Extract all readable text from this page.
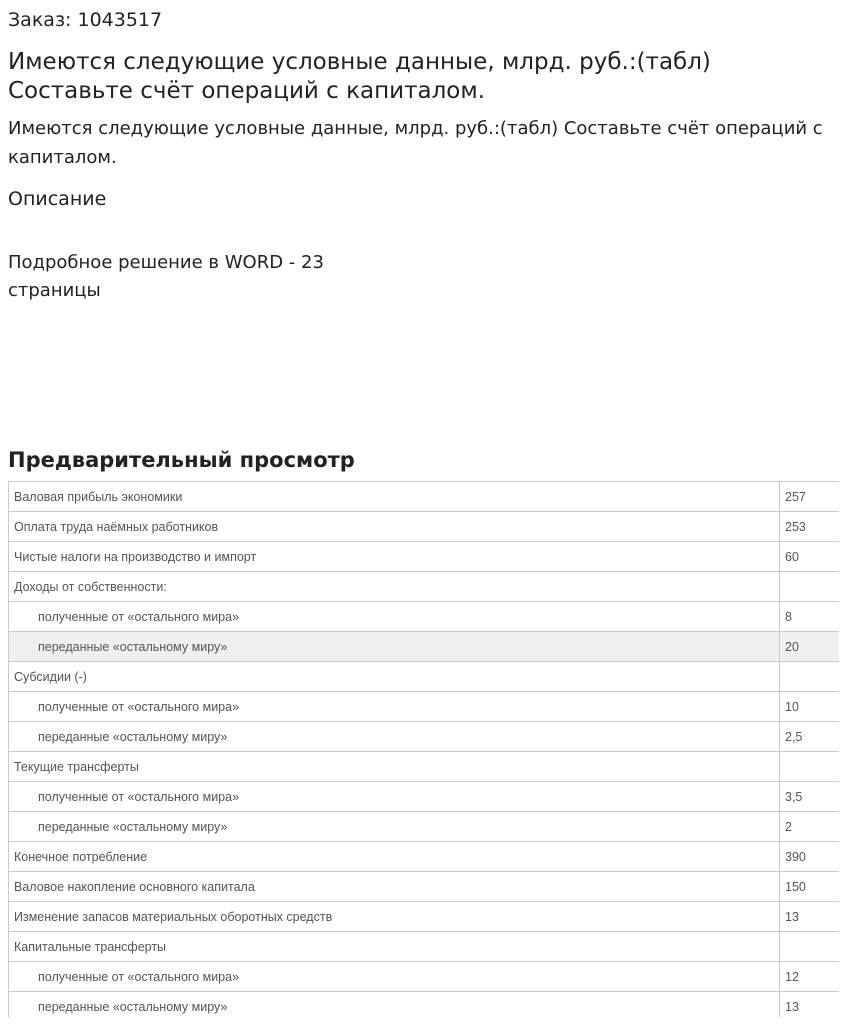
Заказ: 1043517
Имеются следующие условные данные, млрд. руб.:(табл) Составьте счёт операций с капиталом.

Имеются следующие условные данные, млрд. руб.:(табл) Составьте счёт операций с капиталом.

Описание

Подробное решение в WORD - 23 страницы

Предварительный просмотр
Валовая прибыль экономики	257
Оплата труда наёмных работников	253
Чистые налоги на производство и импорт	60
Доходы от собственности:	
полученные от «остального мира»	8
переданные «остальному миру»	20
Субсидии (-)	
полученные от «остального мира»	10
переданные «остальному миру»	2,5
Текущие трансферты	
полученные от «остального мира»	3,5
переданные «остальному миру»	2
Конечное потребление	390
Валовое накопление основного капитала	150
Изменение запасов материальных оборотных средств	13
Капитальные трансферты	
полученные от «остального мира»	12
переданные «остальному миру»	13
